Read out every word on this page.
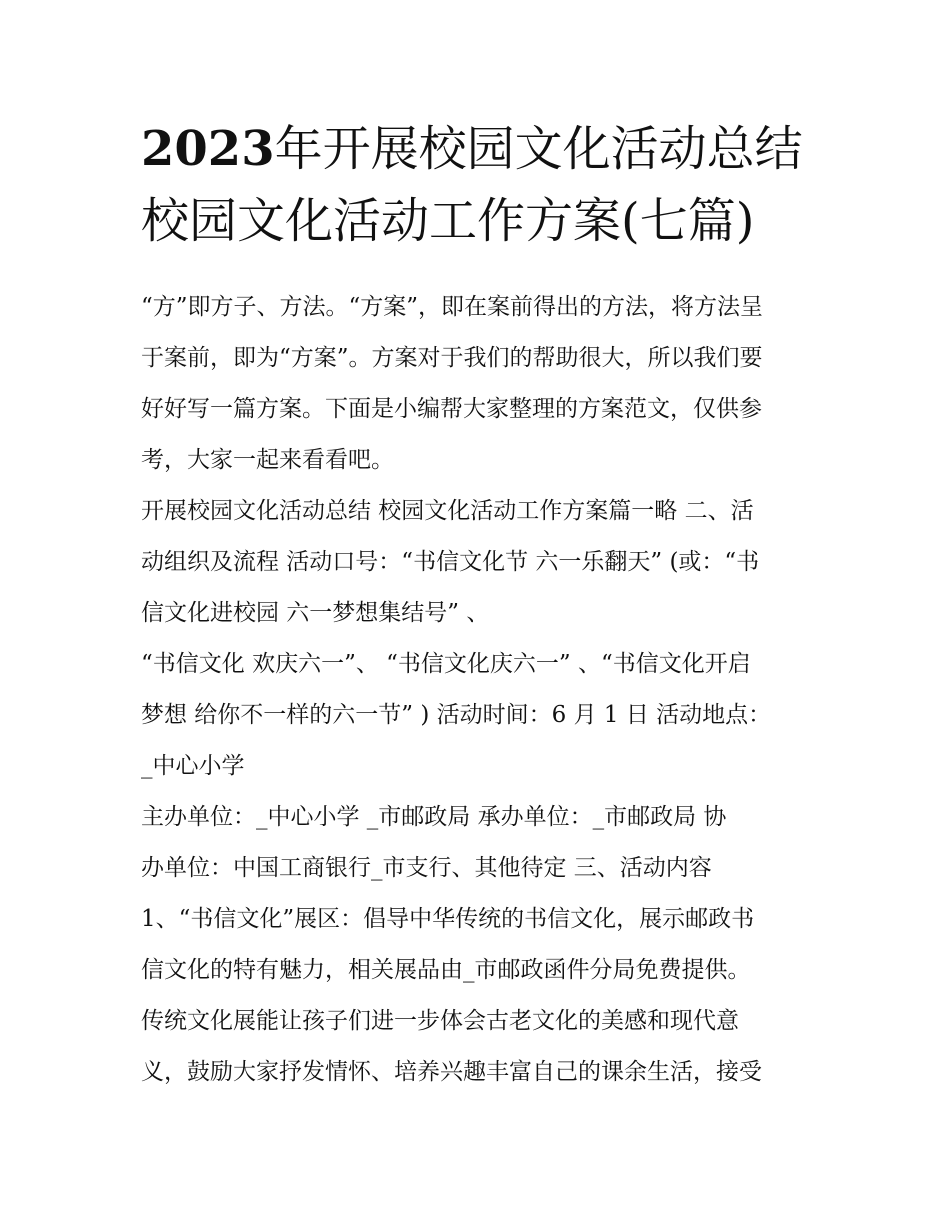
2023年开展校园文化活动总结
校园文化活动工作方案(七篇)
“方”即方子、方法。“方案”，即在案前得出的方法，将方法呈
于案前，即为“方案”。方案对于我们的帮助很大，所以我们要
好好写一篇方案。下面是小编帮大家整理的方案范文，仅供参
考，大家一起来看看吧。
开展校园文化活动总结 校园文化活动工作方案篇一略 二、活
动组织及流程 活动口号：“书信文化节 六一乐翻天” (或：“书
信文化进校园 六一梦想集结号” 、
“书信文化 欢庆六一”、 “书信文化庆六一” 、“书信文化开启
梦想 给你不一样的六一节” ) 活动时间：6 月 1 日 活动地点：
_中心小学
主办单位：_中心小学 _市邮政局 承办单位：_市邮政局 协
办单位：中国工商银行_市支行、其他待定 三、活动内容
1、“书信文化”展区：倡导中华传统的书信文化，展示邮政书
信文化的特有魅力，相关展品由_市邮政函件分局免费提供。
传统文化展能让孩子们进一步体会古老文化的美感和现代意
义，鼓励大家抒发情怀、培养兴趣丰富自己的课余生活，接受
